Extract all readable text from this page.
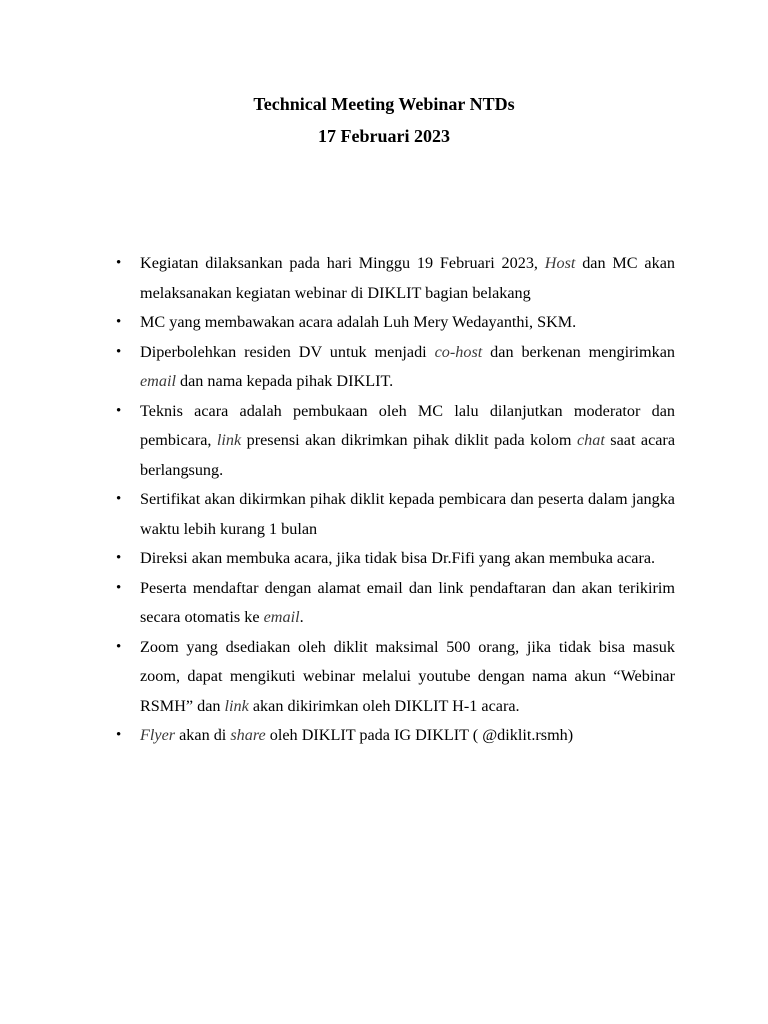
Technical Meeting Webinar NTDs
17 Februari 2023
• Kegiatan dilaksankan pada hari Minggu 19 Februari 2023, Host dan MC akan melaksanakan kegiatan webinar di DIKLIT bagian belakang
• MC yang membawakan acara adalah Luh Mery Wedayanthi, SKM.
• Diperbolehkan residen DV untuk menjadi co-host dan berkenan mengirimkan email dan nama kepada pihak DIKLIT.
• Teknis acara adalah pembukaan oleh MC lalu dilanjutkan moderator dan pembicara, link presensi akan dikrimkan pihak diklit pada kolom chat saat acara berlangsung.
• Sertifikat akan dikirmkan pihak diklit kepada pembicara dan peserta dalam jangka waktu lebih kurang 1 bulan
• Direksi akan membuka acara, jika tidak bisa Dr.Fifi yang akan membuka acara.
• Peserta mendaftar dengan alamat email dan link pendaftaran dan akan terikirim secara otomatis ke email.
• Zoom yang dsediakan oleh diklit maksimal 500 orang, jika tidak bisa masuk zoom, dapat mengikuti webinar melalui youtube dengan nama akun “Webinar RSMH” dan link akan dikirimkan oleh DIKLIT H-1 acara.
• Flyer akan di share oleh DIKLIT pada IG DIKLIT ( @diklit.rsmh)
